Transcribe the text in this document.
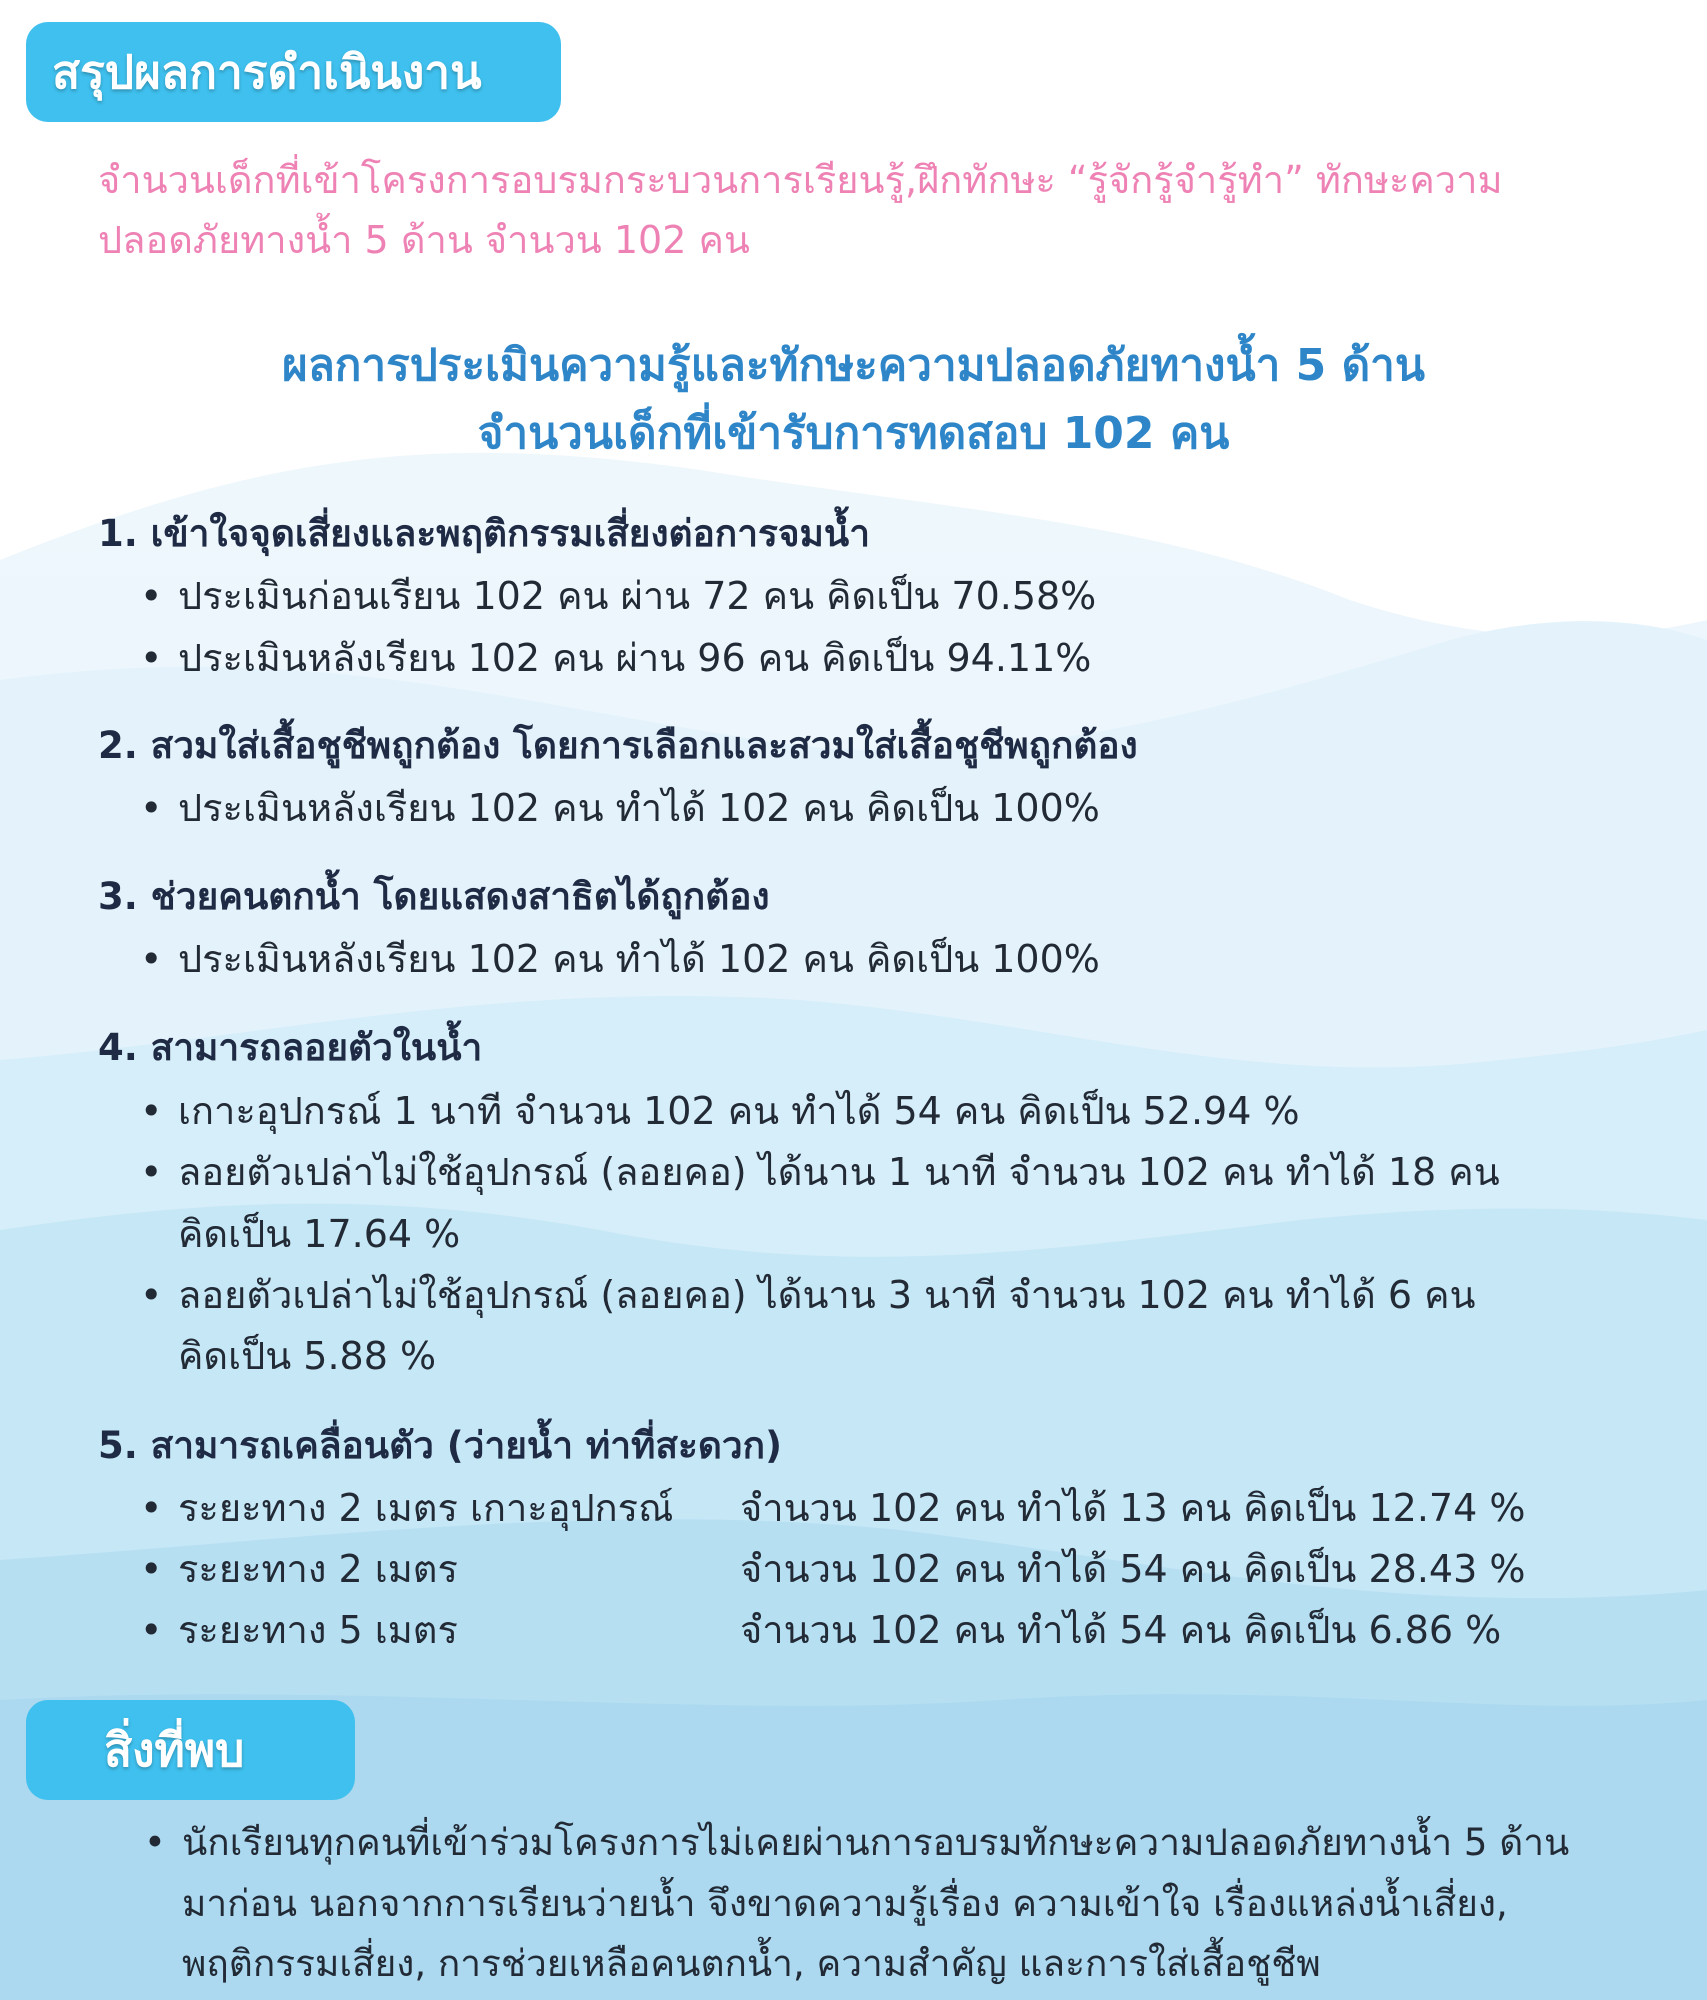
สรุปผลการดำเนินงาน
จำนวนเด็กที่เข้าโครงการอบรมกระบวนการเรียนรู้,ฝึกทักษะ “รู้จักรู้จำรู้ทำ” ทักษะความ
ปลอดภัยทางน้ำ 5 ด้าน จำนวน 102 คน
ผลการประเมินความรู้และทักษะความปลอดภัยทางน้ำ 5 ด้าน
จำนวนเด็กที่เข้ารับการทดสอบ 102 คน
1. เข้าใจจุดเสี่ยงและพฤติกรรมเสี่ยงต่อการจมน้ำ
• ประเมินก่อนเรียน 102 คน ผ่าน 72 คน คิดเป็น 70.58%
• ประเมินหลังเรียน 102 คน ผ่าน 96 คน คิดเป็น 94.11%
2. สวมใส่เสื้อชูชีพถูกต้อง โดยการเลือกและสวมใส่เสื้อชูชีพถูกต้อง
• ประเมินหลังเรียน 102 คน ทำได้ 102 คน คิดเป็น 100%
3. ช่วยคนตกน้ำ โดยแสดงสาธิตได้ถูกต้อง
• ประเมินหลังเรียน 102 คน ทำได้ 102 คน คิดเป็น 100%
4. สามารถลอยตัวในน้ำ
• เกาะอุปกรณ์ 1 นาที จำนวน 102 คน ทำได้ 54 คน คิดเป็น 52.94 %
• ลอยตัวเปล่าไม่ใช้อุปกรณ์ (ลอยคอ) ได้นาน 1 นาที จำนวน 102 คน ทำได้ 18 คน
คิดเป็น 17.64 %
• ลอยตัวเปล่าไม่ใช้อุปกรณ์ (ลอยคอ) ได้นาน 3 นาที จำนวน 102 คน ทำได้ 6 คน
คิดเป็น 5.88 %
5. สามารถเคลื่อนตัว (ว่ายน้ำ ท่าที่สะดวก)
• ระยะทาง 2 เมตร เกาะอุปกรณ์ จำนวน 102 คน ทำได้ 13 คน คิดเป็น 12.74 %
• ระยะทาง 2 เมตร	จำนวน 102 คน ทำได้ 54 คน คิดเป็น 28.43 %
• ระยะทาง 5 เมตร	จำนวน 102 คน ทำได้ 54 คน คิดเป็น 6.86 %
สิ่งที่พบ
• นักเรียนทุกคนที่เข้าร่วมโครงการไม่เคยผ่านการอบรมทักษะความปลอดภัยทางน้ำ 5 ด้าน
มาก่อน นอกจากการเรียนว่ายน้ำ จึงขาดความรู้เรื่อง ความเข้าใจ เรื่องแหล่งน้ำเสี่ยง,
พฤติกรรมเสี่ยง, การช่วยเหลือคนตกน้ำ, ความสำคัญ และการใส่เสื้อชูชีพ
